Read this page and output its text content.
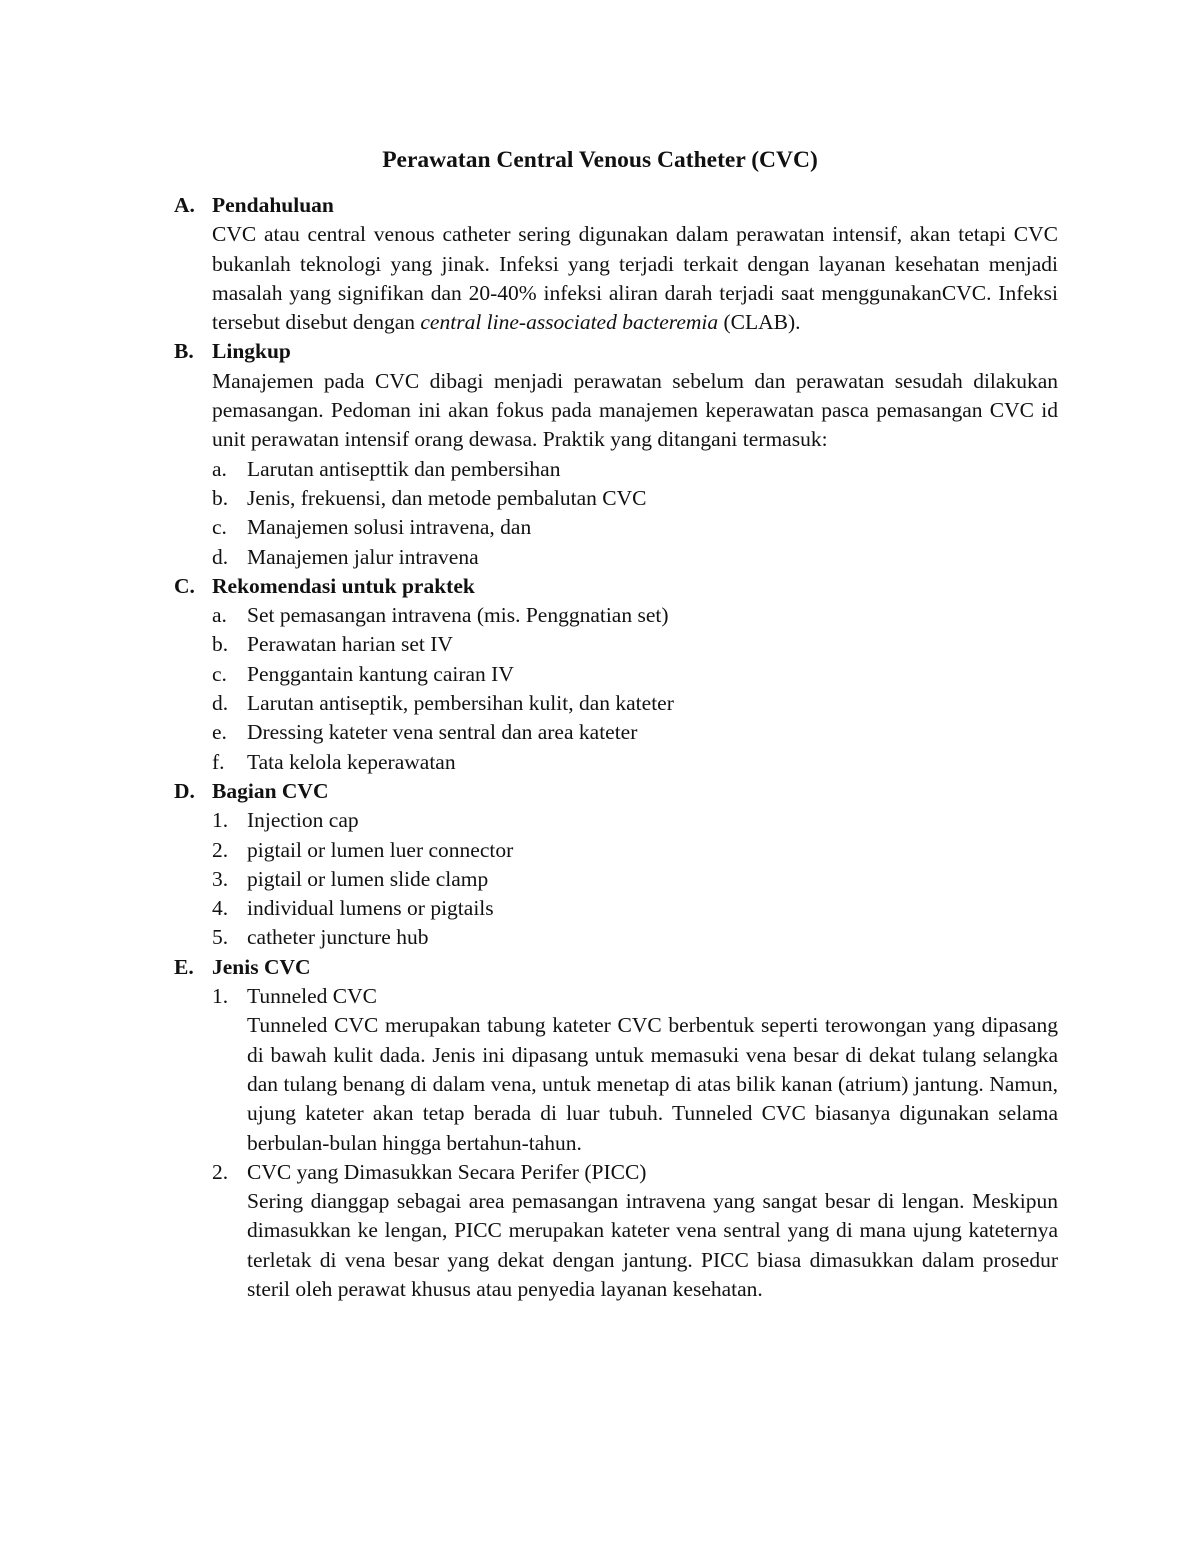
Perawatan Central Venous Catheter (CVC)
A. Pendahuluan
CVC atau central venous catheter sering digunakan dalam perawatan intensif, akan tetapi CVC bukanlah teknologi yang jinak. Infeksi yang terjadi terkait dengan layanan kesehatan menjadi masalah yang signifikan dan 20-40% infeksi aliran darah terjadi saat menggunakanCVC. Infeksi tersebut disebut dengan central line-associated bacteremia (CLAB).
B. Lingkup
Manajemen pada CVC dibagi menjadi perawatan sebelum dan perawatan sesudah dilakukan pemasangan. Pedoman ini akan fokus pada manajemen keperawatan pasca pemasangan CVC id unit perawatan intensif orang dewasa. Praktik yang ditangani termasuk:
a. Larutan antisepttik dan pembersihan
b. Jenis, frekuensi, dan metode pembalutan CVC
c. Manajemen solusi intravena, dan
d. Manajemen jalur intravena
C. Rekomendasi untuk praktek
a. Set pemasangan intravena (mis. Penggnatian set)
b. Perawatan harian set IV
c. Penggantain kantung cairan IV
d. Larutan antiseptik, pembersihan kulit, dan kateter
e. Dressing kateter vena sentral dan area kateter
f. Tata kelola keperawatan
D. Bagian CVC
1. Injection cap
2. pigtail or lumen luer connector
3. pigtail or lumen slide clamp
4. individual lumens or pigtails
5. catheter juncture hub
E. Jenis CVC
1. Tunneled CVC
Tunneled CVC merupakan tabung kateter CVC berbentuk seperti terowongan yang dipasang di bawah kulit dada. Jenis ini dipasang untuk memasuki vena besar di dekat tulang selangka dan tulang benang di dalam vena, untuk menetap di atas bilik kanan (atrium) jantung. Namun, ujung kateter akan tetap berada di luar tubuh. Tunneled CVC biasanya digunakan selama berbulan-bulan hingga bertahun-tahun.
2. CVC yang Dimasukkan Secara Perifer (PICC)
Sering dianggap sebagai area pemasangan intravena yang sangat besar di lengan. Meskipun dimasukkan ke lengan, PICC merupakan kateter vena sentral yang di mana ujung kateternya terletak di vena besar yang dekat dengan jantung. PICC biasa dimasukkan dalam prosedur steril oleh perawat khusus atau penyedia layanan kesehatan.
